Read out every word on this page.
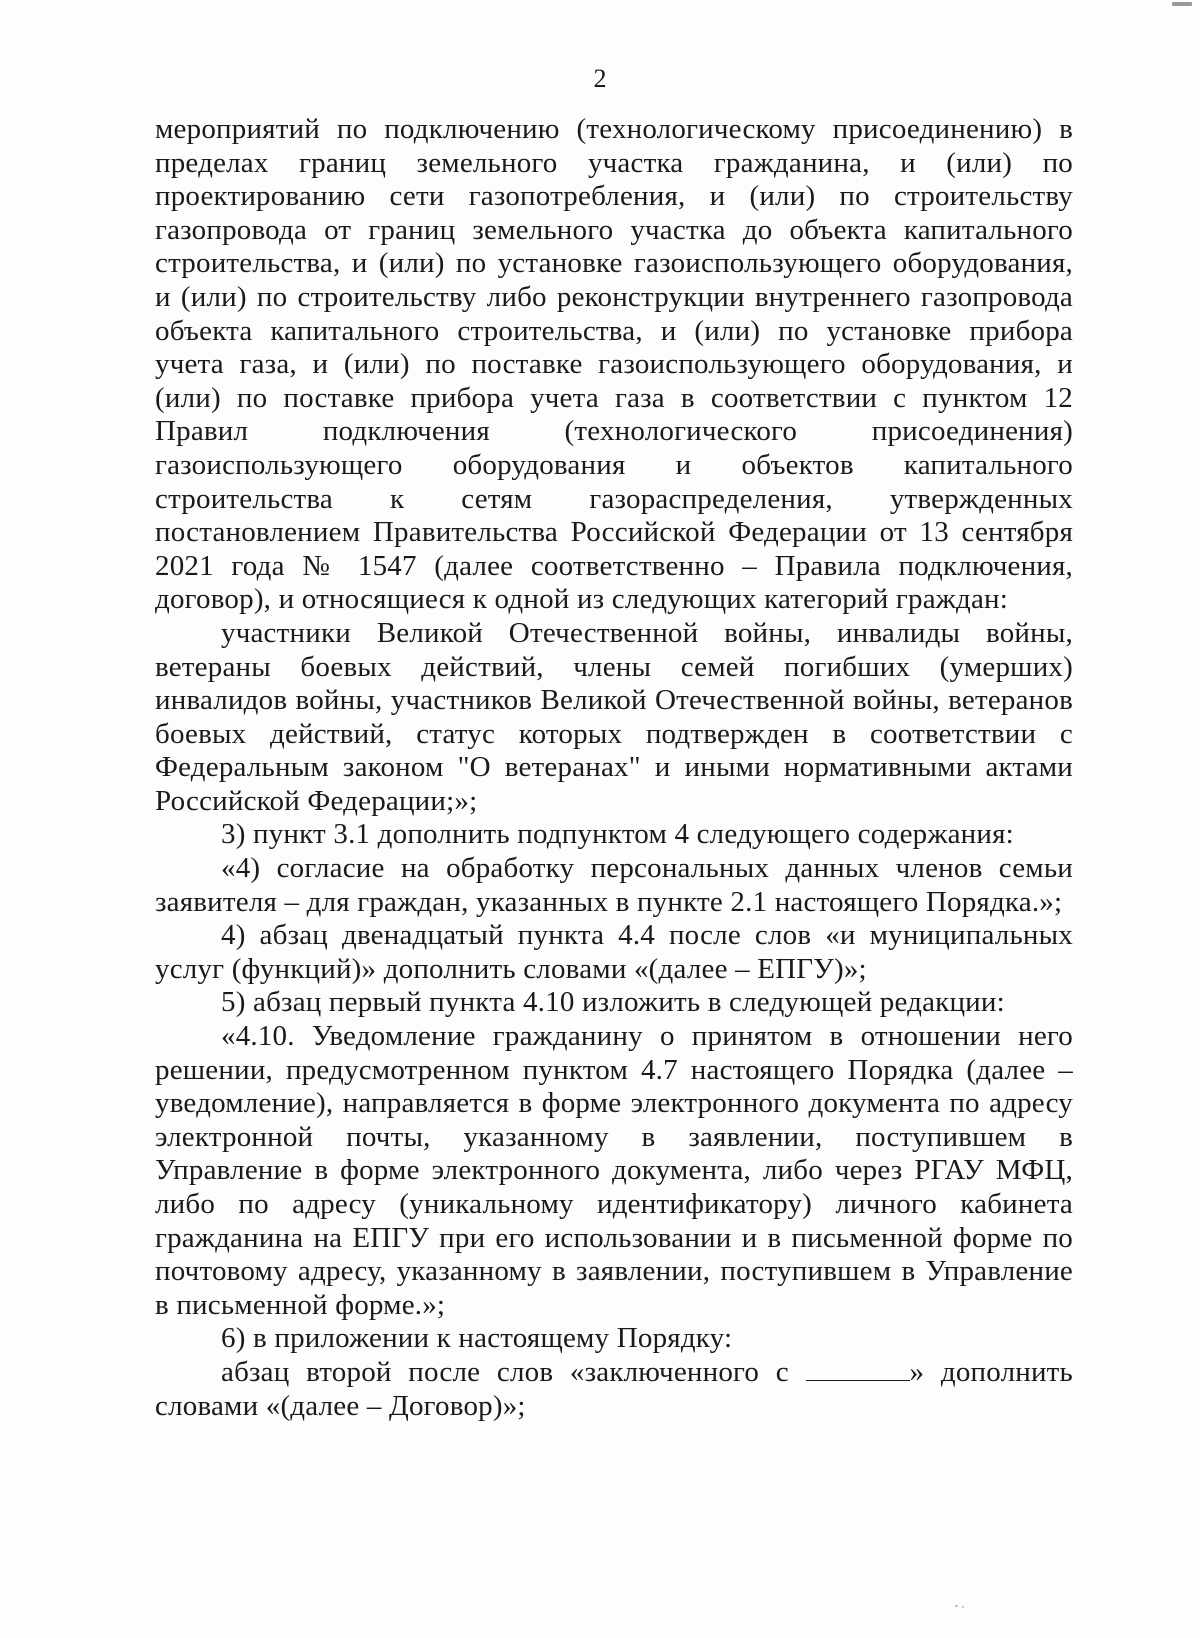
2

мероприятий по подключению (технологическому присоединению) в пределах границ земельного участка гражданина, и (или) по проектированию сети газопотребления, и (или) по строительству газопровода от границ земельного участка до объекта капитального строительства, и (или) по установке газоиспользующего оборудования, и (или) по строительству либо реконструкции внутреннего газопровода объекта капитального строительства, и (или) по установке прибора учета газа, и (или) по поставке газоиспользующего оборудования, и (или) по поставке прибора учета газа в соответствии с пунктом 12 Правил подключения (технологического присоединения) газоиспользующего оборудования и объектов капитального строительства к сетям газораспределения, утвержденных постановлением Правительства Российской Федерации от 13 сентября 2021 года № 1547 (далее соответственно – Правила подключения, договор), и относящиеся к одной из следующих категорий граждан:

участники Великой Отечественной войны, инвалиды войны, ветераны боевых действий, члены семей погибших (умерших) инвалидов войны, участников Великой Отечественной войны, ветеранов боевых действий, статус которых подтвержден в соответствии с Федеральным законом "О ветеранах" и иными нормативными актами Российской Федерации;»;

3) пункт 3.1 дополнить подпунктом 4 следующего содержания:

«4) согласие на обработку персональных данных членов семьи заявителя – для граждан, указанных в пункте 2.1 настоящего Порядка.»;

4) абзац двенадцатый пункта 4.4 после слов «и муниципальных услуг (функций)» дополнить словами «(далее – ЕПГУ)»;

5) абзац первый пункта 4.10 изложить в следующей редакции:

«4.10. Уведомление гражданину о принятом в отношении него решении, предусмотренном пунктом 4.7 настоящего Порядка (далее – уведомление), направляется в форме электронного документа по адресу электронной почты, указанному в заявлении, поступившем в Управление в форме электронного документа, либо через РГАУ МФЦ, либо по адресу (уникальному идентификатору) личного кабинета гражданина на ЕПГУ при его использовании и в письменной форме по почтовому адресу, указанному в заявлении, поступившем в Управление в письменной форме.»;

6) в приложении к настоящему Порядку:

абзац второй после слов «заключенного с	» дополнить словами «(далее – Договор)»;
